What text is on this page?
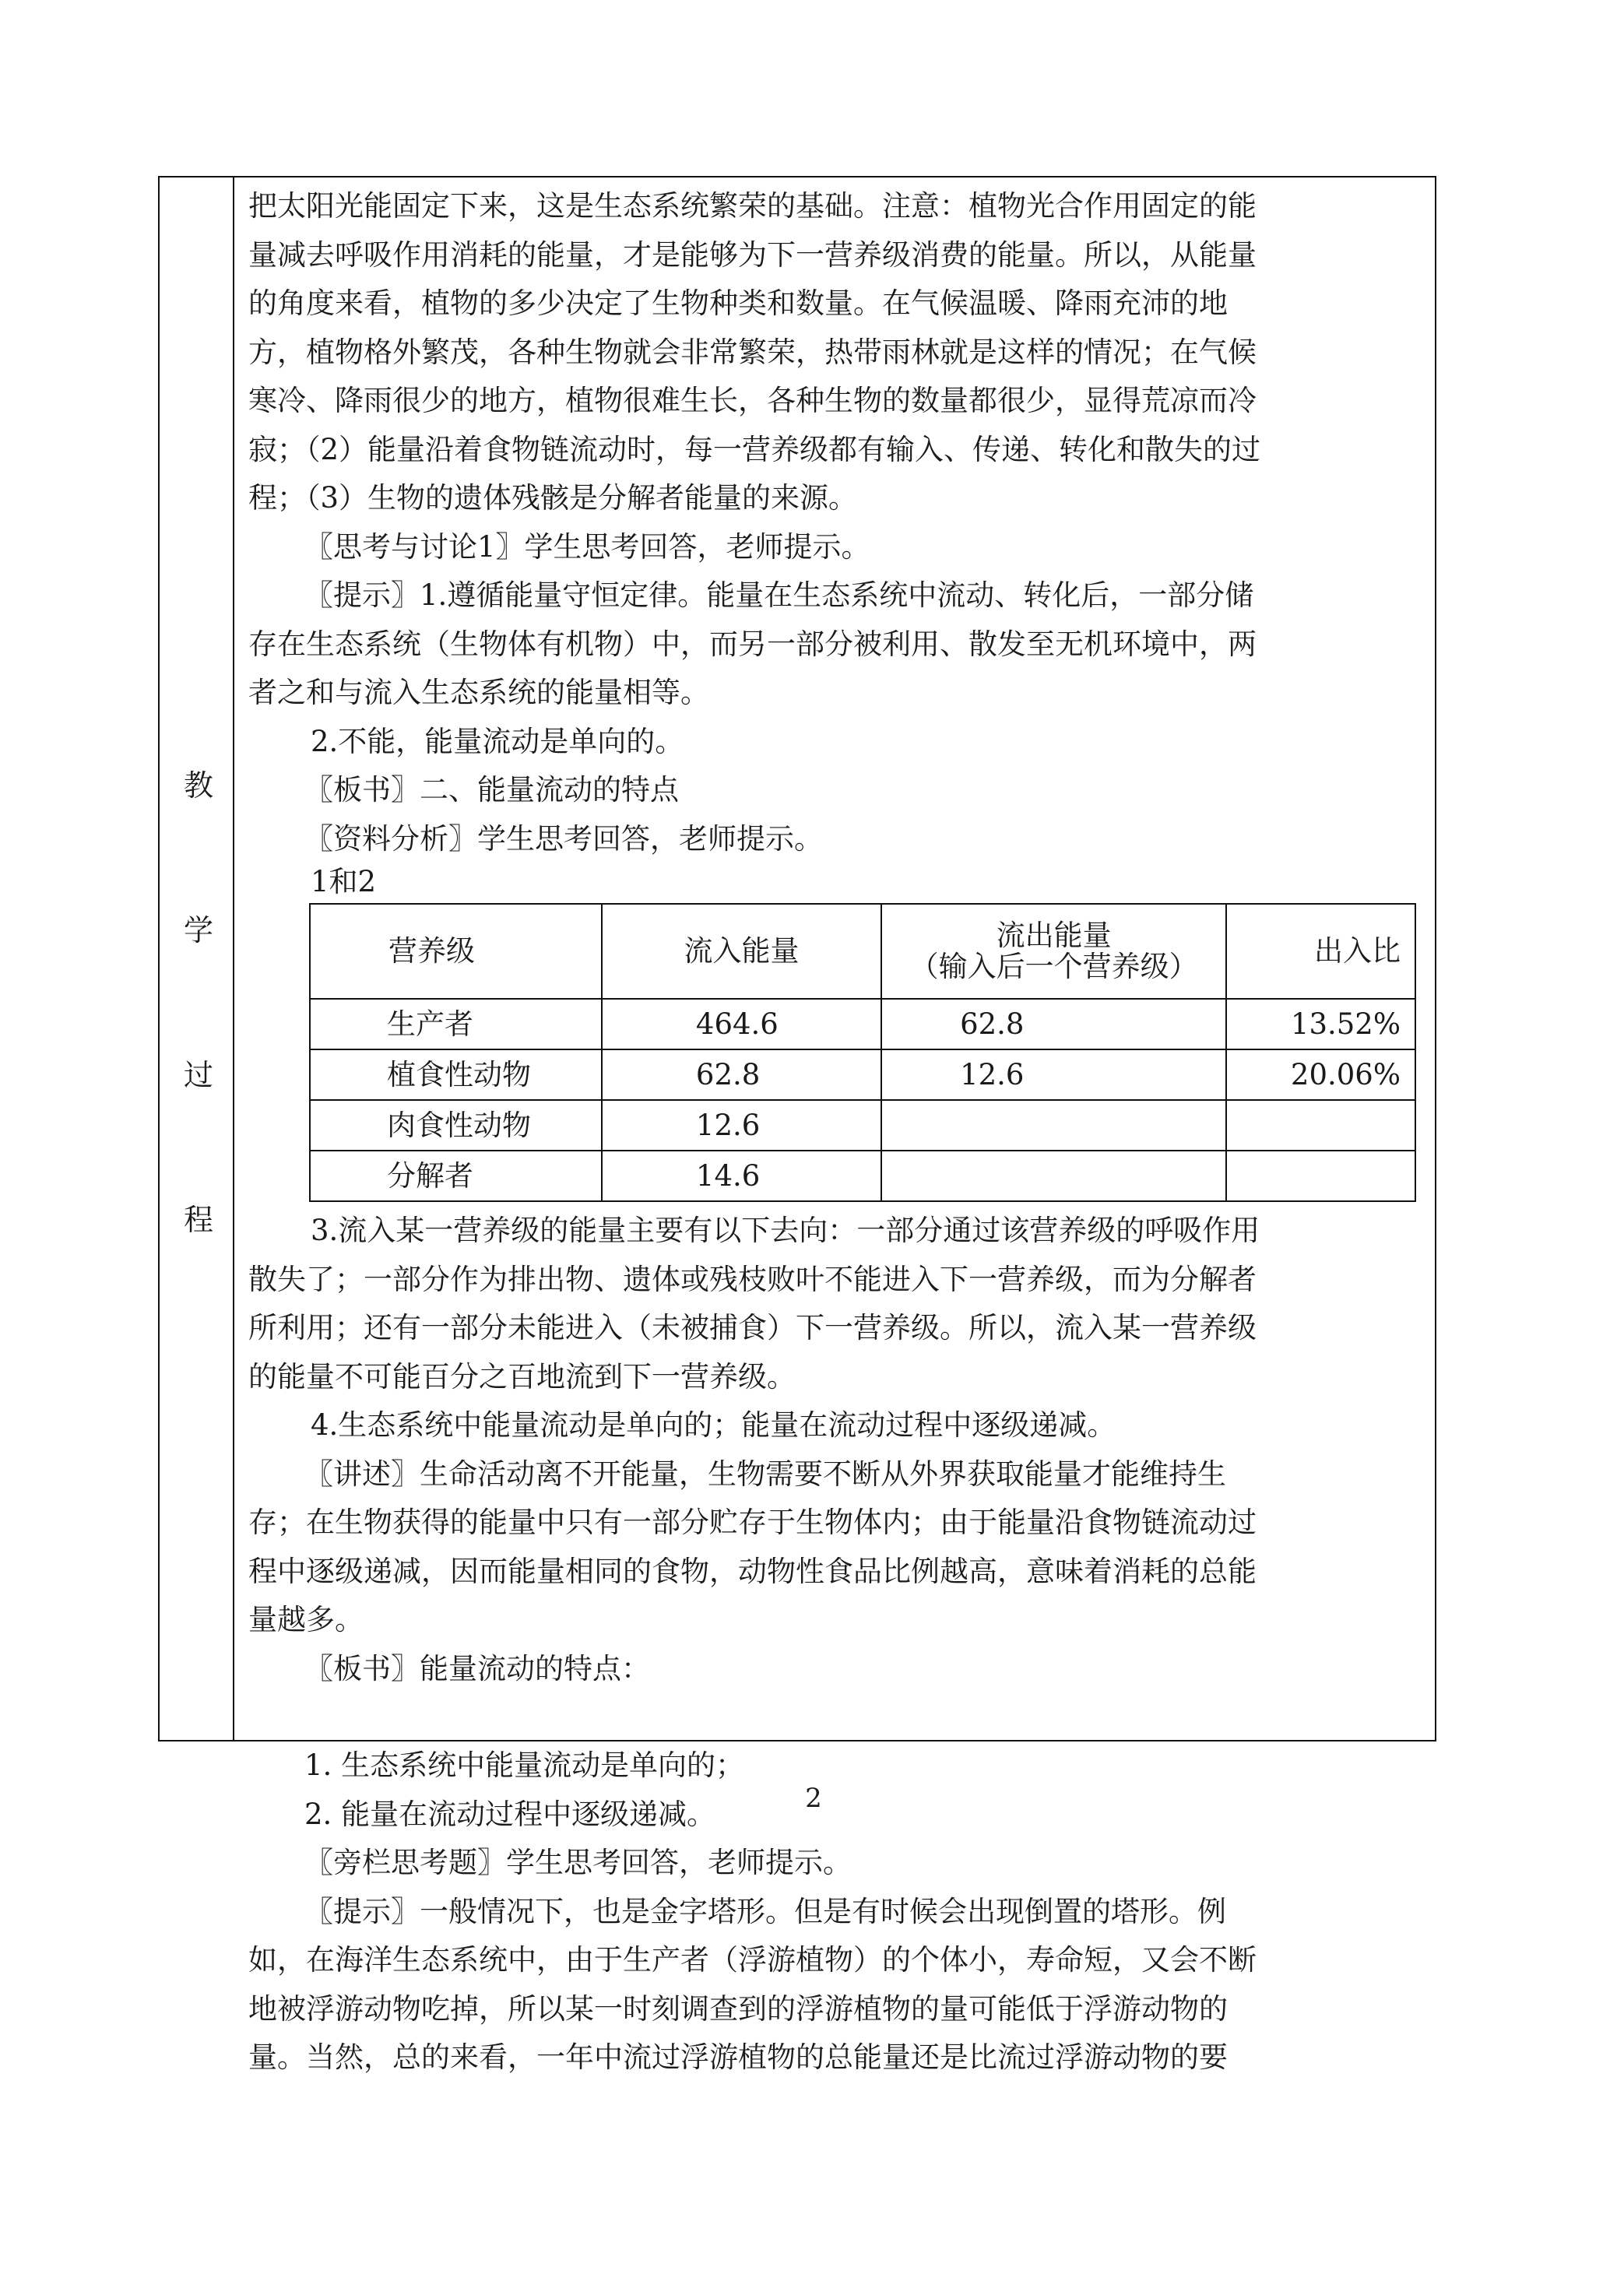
教
学
过
程

把太阳光能固定下来，这是生态系统繁荣的基础。注意：植物光合作用固定的能

量减去呼吸作用消耗的能量，才是能够为下一营养级消费的能量。所以，从能量

的角度来看，植物的多少决定了生物种类和数量。在气候温暖、降雨充沛的地

方，植物格外繁茂，各种生物就会非常繁荣，热带雨林就是这样的情况；在气候

寒冷、降雨很少的地方，植物很难生长，各种生物的数量都很少，显得荒凉而冷

寂；（2）能量沿着食物链流动时，每一营养级都有输入、传递、转化和散失的过

程；（3）生物的遗体残骸是分解者能量的来源。

〖思考与讨论1〗学生思考回答，老师提示。

〖提示〗1.遵循能量守恒定律。能量在生态系统中流动、转化后，一部分储

存在生态系统（生物体有机物）中，而另一部分被利用、散发至无机环境中，两

者之和与流入生态系统的能量相等。

2.不能，能量流动是单向的。

〖板书〗二、能量流动的特点

〖资料分析〗学生思考回答，老师提示。

1和2

营养级	流入能量	流出能量
（输入后一个营养级）	出入比
生产者	464.6	62.8	13.52%
植食性动物	62.8	12.6	20.06%
肉食性动物	12.6		
分解者	14.6		

3.流入某一营养级的能量主要有以下去向：一部分通过该营养级的呼吸作用

散失了；一部分作为排出物、遗体或残枝败叶不能进入下一营养级，而为分解者

所利用；还有一部分未能进入（未被捕食）下一营养级。所以，流入某一营养级

的能量不可能百分之百地流到下一营养级。

4.生态系统中能量流动是单向的；能量在流动过程中逐级递减。

〖讲述〗生命活动离不开能量，生物需要不断从外界获取能量才能维持生

存；在生物获得的能量中只有一部分贮存于生物体内；由于能量沿食物链流动过

程中逐级递减，因而能量相同的食物，动物性食品比例越高，意味着消耗的总能

量越多。

〖板书〗能量流动的特点：

1. 生态系统中能量流动是单向的；

2. 能量在流动过程中逐级递减。

〖旁栏思考题〗学生思考回答，老师提示。

〖提示〗一般情况下，也是金字塔形。但是有时候会出现倒置的塔形。例

如，在海洋生态系统中，由于生产者（浮游植物）的个体小，寿命短，又会不断

地被浮游动物吃掉，所以某一时刻调查到的浮游植物的量可能低于浮游动物的

量。当然，总的来看，一年中流过浮游植物的总能量还是比流过浮游动物的要

2
